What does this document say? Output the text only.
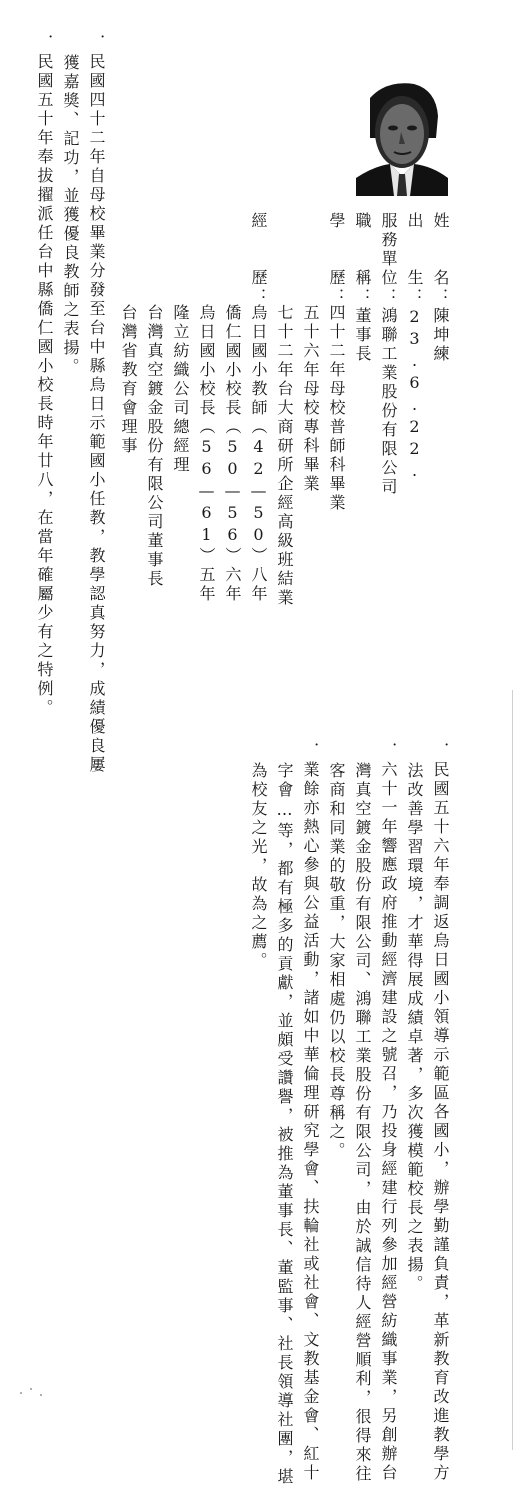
姓　　名：陳坤練
出　　生：23.6.22.
服務單位：鴻聯工業股份有限公司
職　　稱：董事長
學　　歷：
四十二年母校普師科畢業
五十六年母校專科畢業
七十二年台大商研所企經高級班結業
經　　歷：
烏日國小教師（42—50）八年
僑仁國小校長（50—56）六年
烏日國小校長（56—61）五年
隆立紡織公司總經理
台灣真空鍍金股份有限公司董事長
台灣省教育會理事
．民國四十二年自母校畢業分發至台中縣烏日示範國小任教，教學認真努力，成績優良屢
獲嘉獎、記功，並獲優良教師之表揚。
．民國五十年奉拔擢派任台中縣僑仁國小校長時年廿八，在當年確屬少有之特例。
．民國五十六年奉調返烏日國小領導示範區各國小，辦學勤謹負責，革新教育改進教學方
法改善學習環境，才華得展成績卓著，多次獲模範校長之表揚。
．六十一年響應政府推動經濟建設之號召，乃投身經建行列參加經營紡織事業，另創辦台
灣真空鍍金股份有限公司、鴻聯工業股份有限公司，由於誠信待人經營順利，很得來往
客商和同業的敬重，大家相處仍以校長尊稱之。
．業餘亦熱心參與公益活動，諸如中華倫理研究學會、扶輪社或社會、文教基金會、紅十
字會…等，都有極多的貢獻，並頗受讚譽，被推為董事長、董監事、社長領導社團，堪
為校友之光，故為之薦。
